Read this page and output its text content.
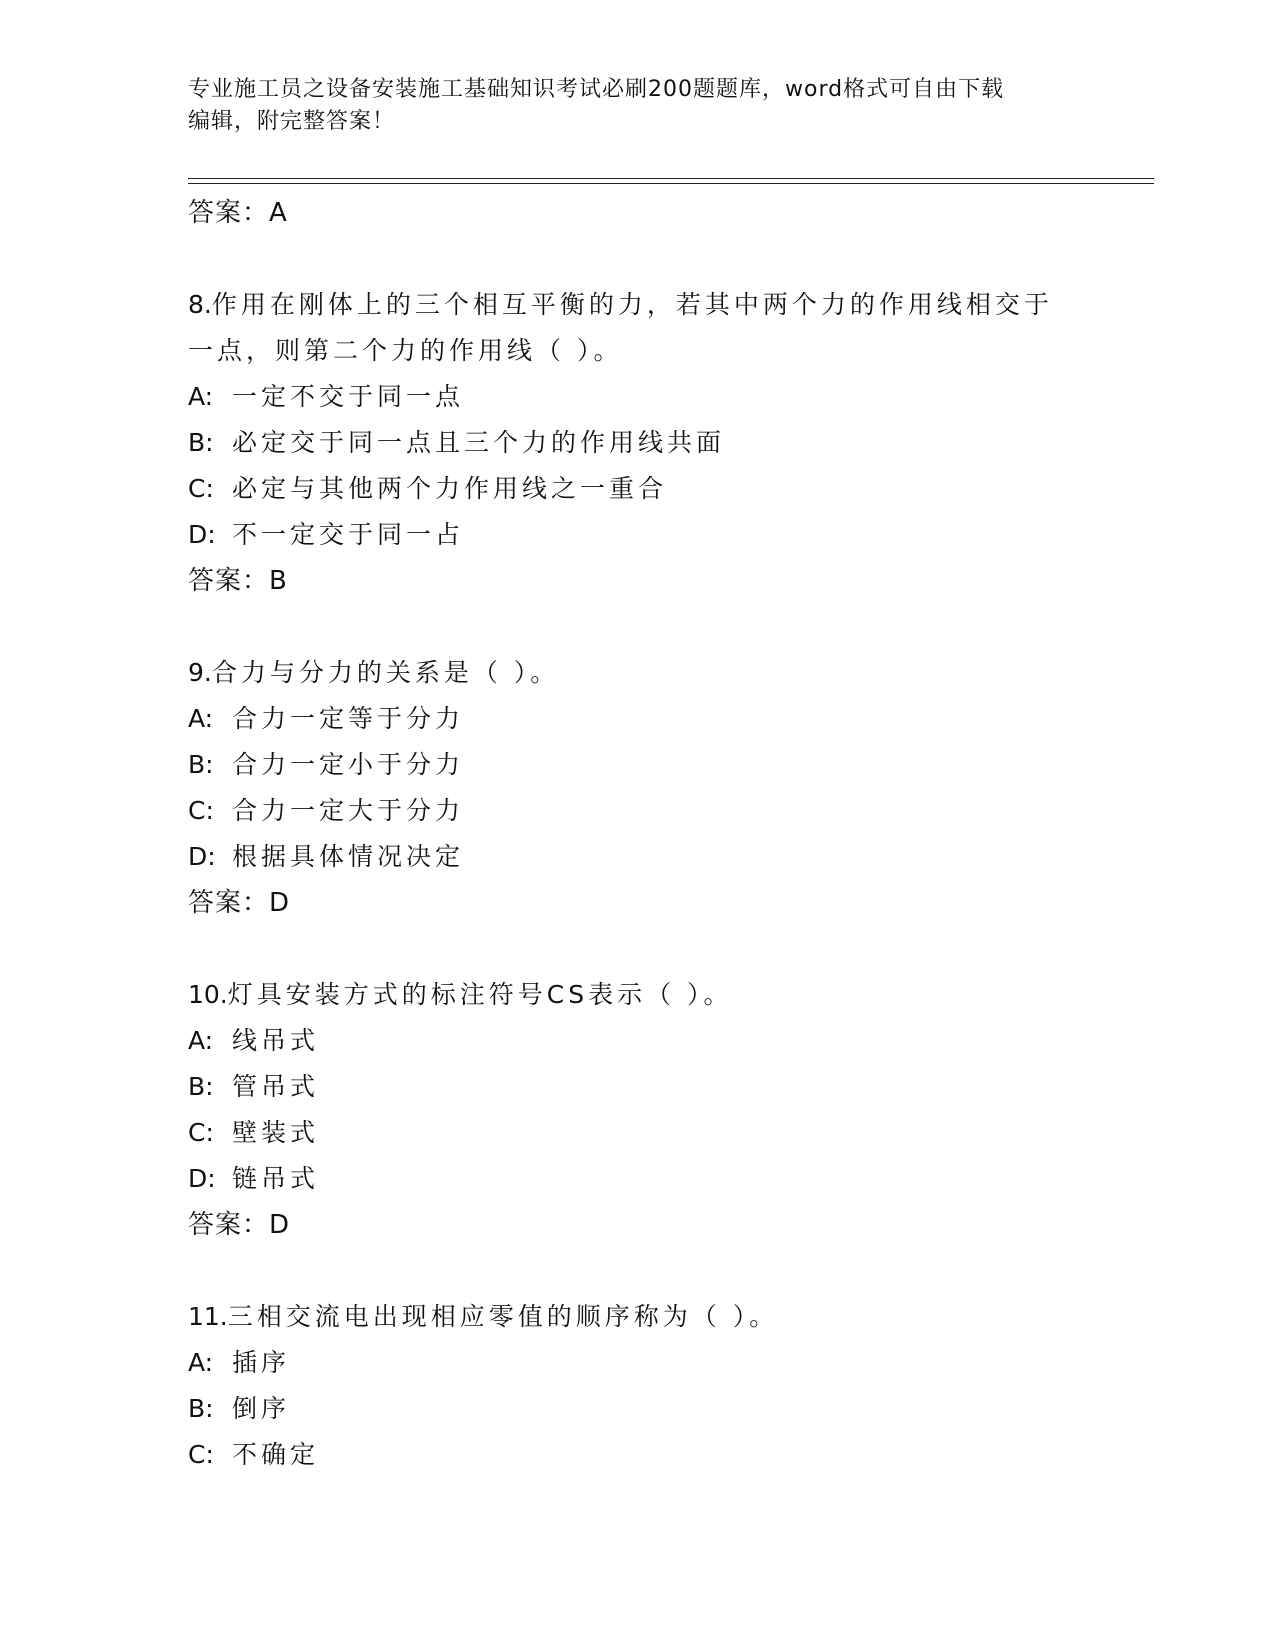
专业施工员之设备安装施工基础知识考试必刷200题题库，word格式可自由下载
编辑，附完整答案！
答案：A
8.作用在刚体上的三个相互平衡的力，若其中两个力的作用线相交于
一点，则第二个力的作用线（ ）。
A: 一定不交于同一点
B: 必定交于同一点且三个力的作用线共面
C: 必定与其他两个力作用线之一重合
D: 不一定交于同一占
答案：B
9.合力与分力的关系是（ ）。
A: 合力一定等于分力
B: 合力一定小于分力
C: 合力一定大于分力
D: 根据具体情况决定
答案：D
10.灯具安装方式的标注符号CS表示（ ）。
A: 线吊式
B: 管吊式
C: 壁装式
D: 链吊式
答案：D
11.三相交流电出现相应零值的顺序称为（ ）。
A: 插序
B: 倒序
C: 不确定
